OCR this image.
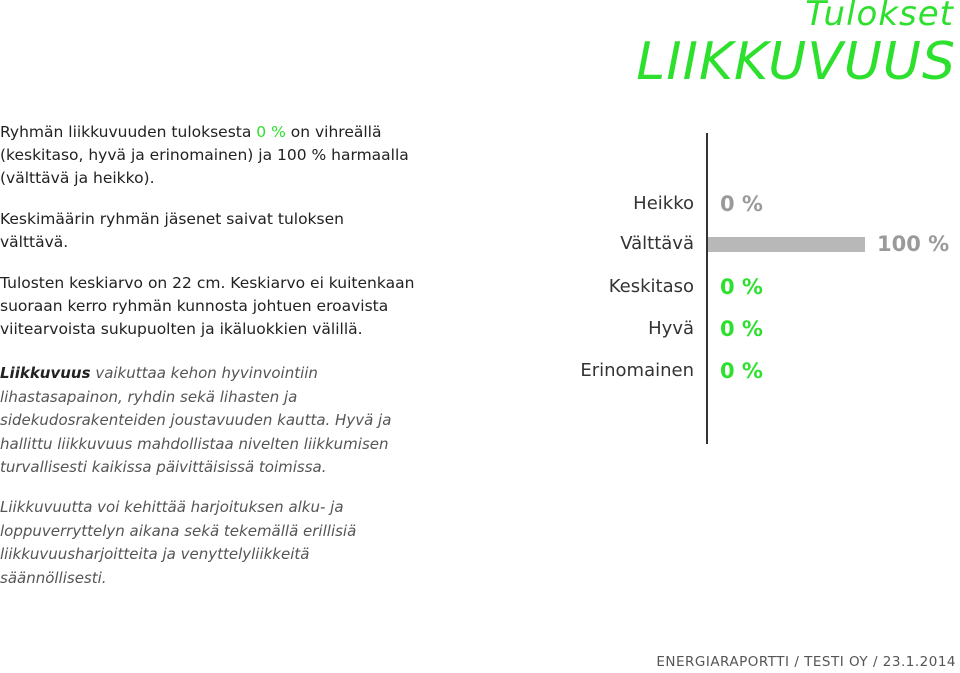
Tulokset
LIIKKUVUUS
Ryhmän liikkuvuuden tuloksesta 0 % on vihreällä
(keskitaso, hyvä ja erinomainen) ja 100 % harmaalla
(välttävä ja heikko).
Keskimäärin ryhmän jäsenet saivat tuloksen
välttävä.
Tulosten keskiarvo on 22 cm. Keskiarvo ei kuitenkaan
suoraan kerro ryhmän kunnosta johtuen eroavista
viitearvoista sukupuolten ja ikäluokkien välillä.
Liikkuvuus vaikuttaa kehon hyvinvointiin
lihastasapainon, ryhdin sekä lihasten ja
sidekudosrakenteiden joustavuuden kautta. Hyvä ja
hallittu liikkuvuus mahdollistaa nivelten liikkumisen
turvallisesti kaikissa päivittäisissä toimissa.
Liikkuvuutta voi kehittää harjoituksen alku- ja
loppuverryttelyn aikana sekä tekemällä erillisiä
liikkuvuusharjoitteita ja venyttelyliikkeitä
säännöllisesti.
Heikko 0 %
Välttävä	100 %
Keskitaso 0 %
Hyvä 0 %
Erinomainen 0 %
ENERGIARAPORTTI / TESTI OY / 23.1.2014
